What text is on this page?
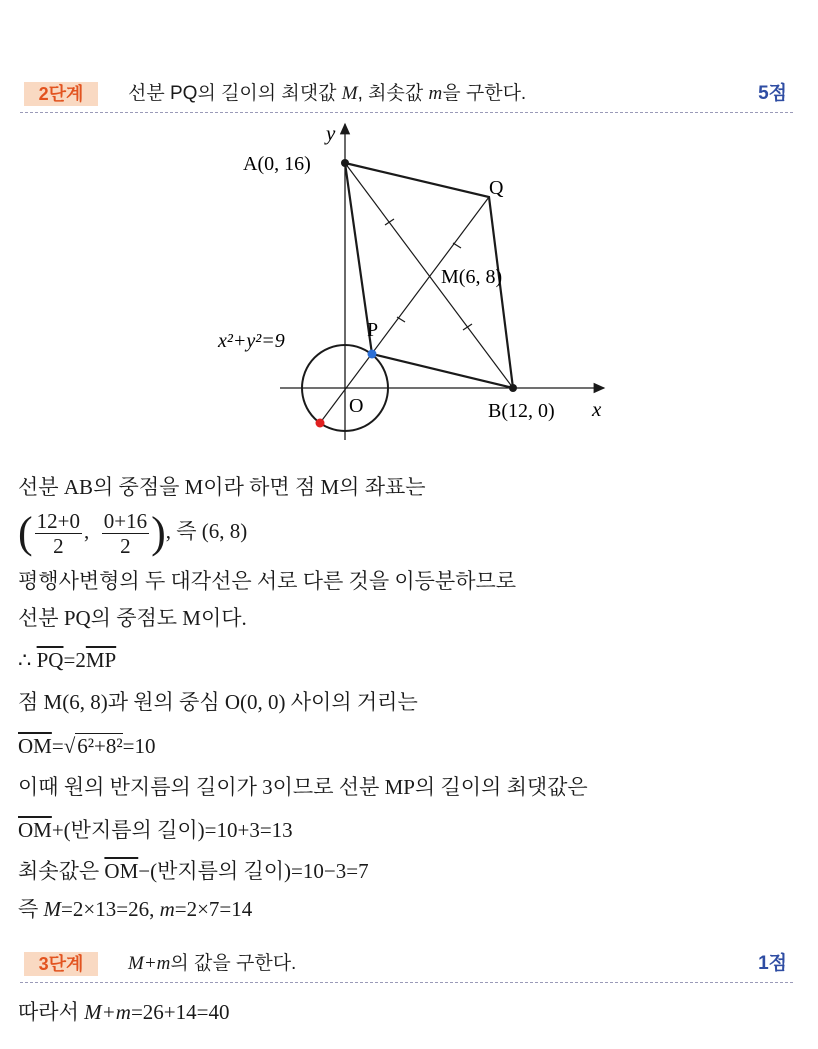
2단계	선분 PQ의 길이의 최댓값 M, 최솟값 m을 구한다.	5점
y
x
A(0, 16)
Q
M(6, 8)
P
x²+y²=9
O	B(12, 0)
선분 AB의 중점을 M이라 하면 점 M의 좌표는
( $\frac{12+0}{2}$ , $\frac{0+16}{2}$ ), 즉 (6, 8)
평행사변형의 두 대각선은 서로 다른 것을 이등분하므로
선분 PQ의 중점도 M이다.
∴ $\overline{PQ}=2\overline{MP}$
점 M(6, 8)과 원의 중심 O(0, 0) 사이의 거리는
$\overline{OM}=√6^2+8^2=10$
이때 원의 반지름의 길이가 3이므로 선분 MP의 길이의 최댓값은
$\overline{OM}+$(반지름의 길이)=10+3=13
최솟값은 $\overline{OM}-$(반지름의 길이)=10−3=7
즉 M=2×13=26, m=2×7=14
3단계	M+m의 값을 구한다.	1점
따라서 M+m=26+14=40
